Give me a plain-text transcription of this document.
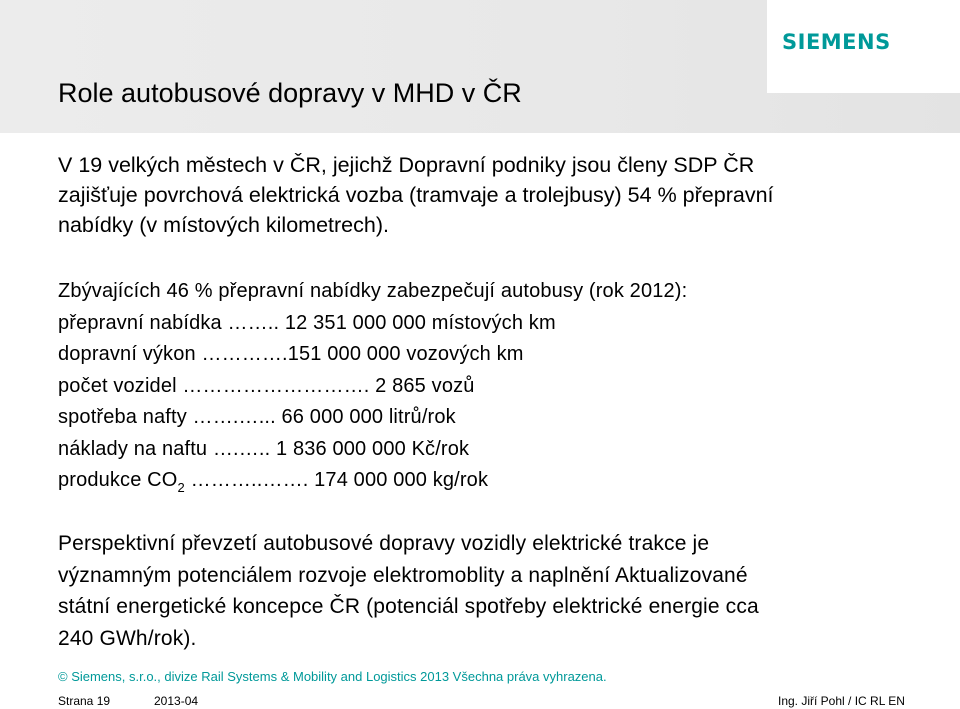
SIEMENS
Role autobusové dopravy v MHD v ČR
V 19 velkých městech v ČR, jejichž Dopravní podniky jsou členy SDP ČR
zajišťuje povrchová elektrická vozba (tramvaje a trolejbusy) 54 % přepravní
nabídky (v místových kilometrech).
Zbývajících 46 % přepravní nabídky zabezpečují autobusy (rok 2012):
přepravní nabídka …….. 12 351 000 000 místových km
dopravní výkon ………….151 000 000 vozových km
počet vozidel ………………………. 2 865 vozů
spotřeba nafty …….…... 66 000 000 litrů/rok
náklady na naftu ….….. 1 836 000 000 Kč/rok
produkce $CO_2$ ………..……. 174 000 000 kg/rok
Perspektivní převzetí autobusové dopravy vozidly elektrické trakce je
významným potenciálem rozvoje elektromoblity a naplnění Aktualizované
státní energetické koncepce ČR (potenciál spotřeby elektrické energie cca
240 GWh/rok).
© Siemens, s.r.o., divize Rail Systems & Mobility and Logistics 2013 Všechna práva vyhrazena.
Strana 19	2013-04	Ing. Jiří Pohl / IC RL EN
